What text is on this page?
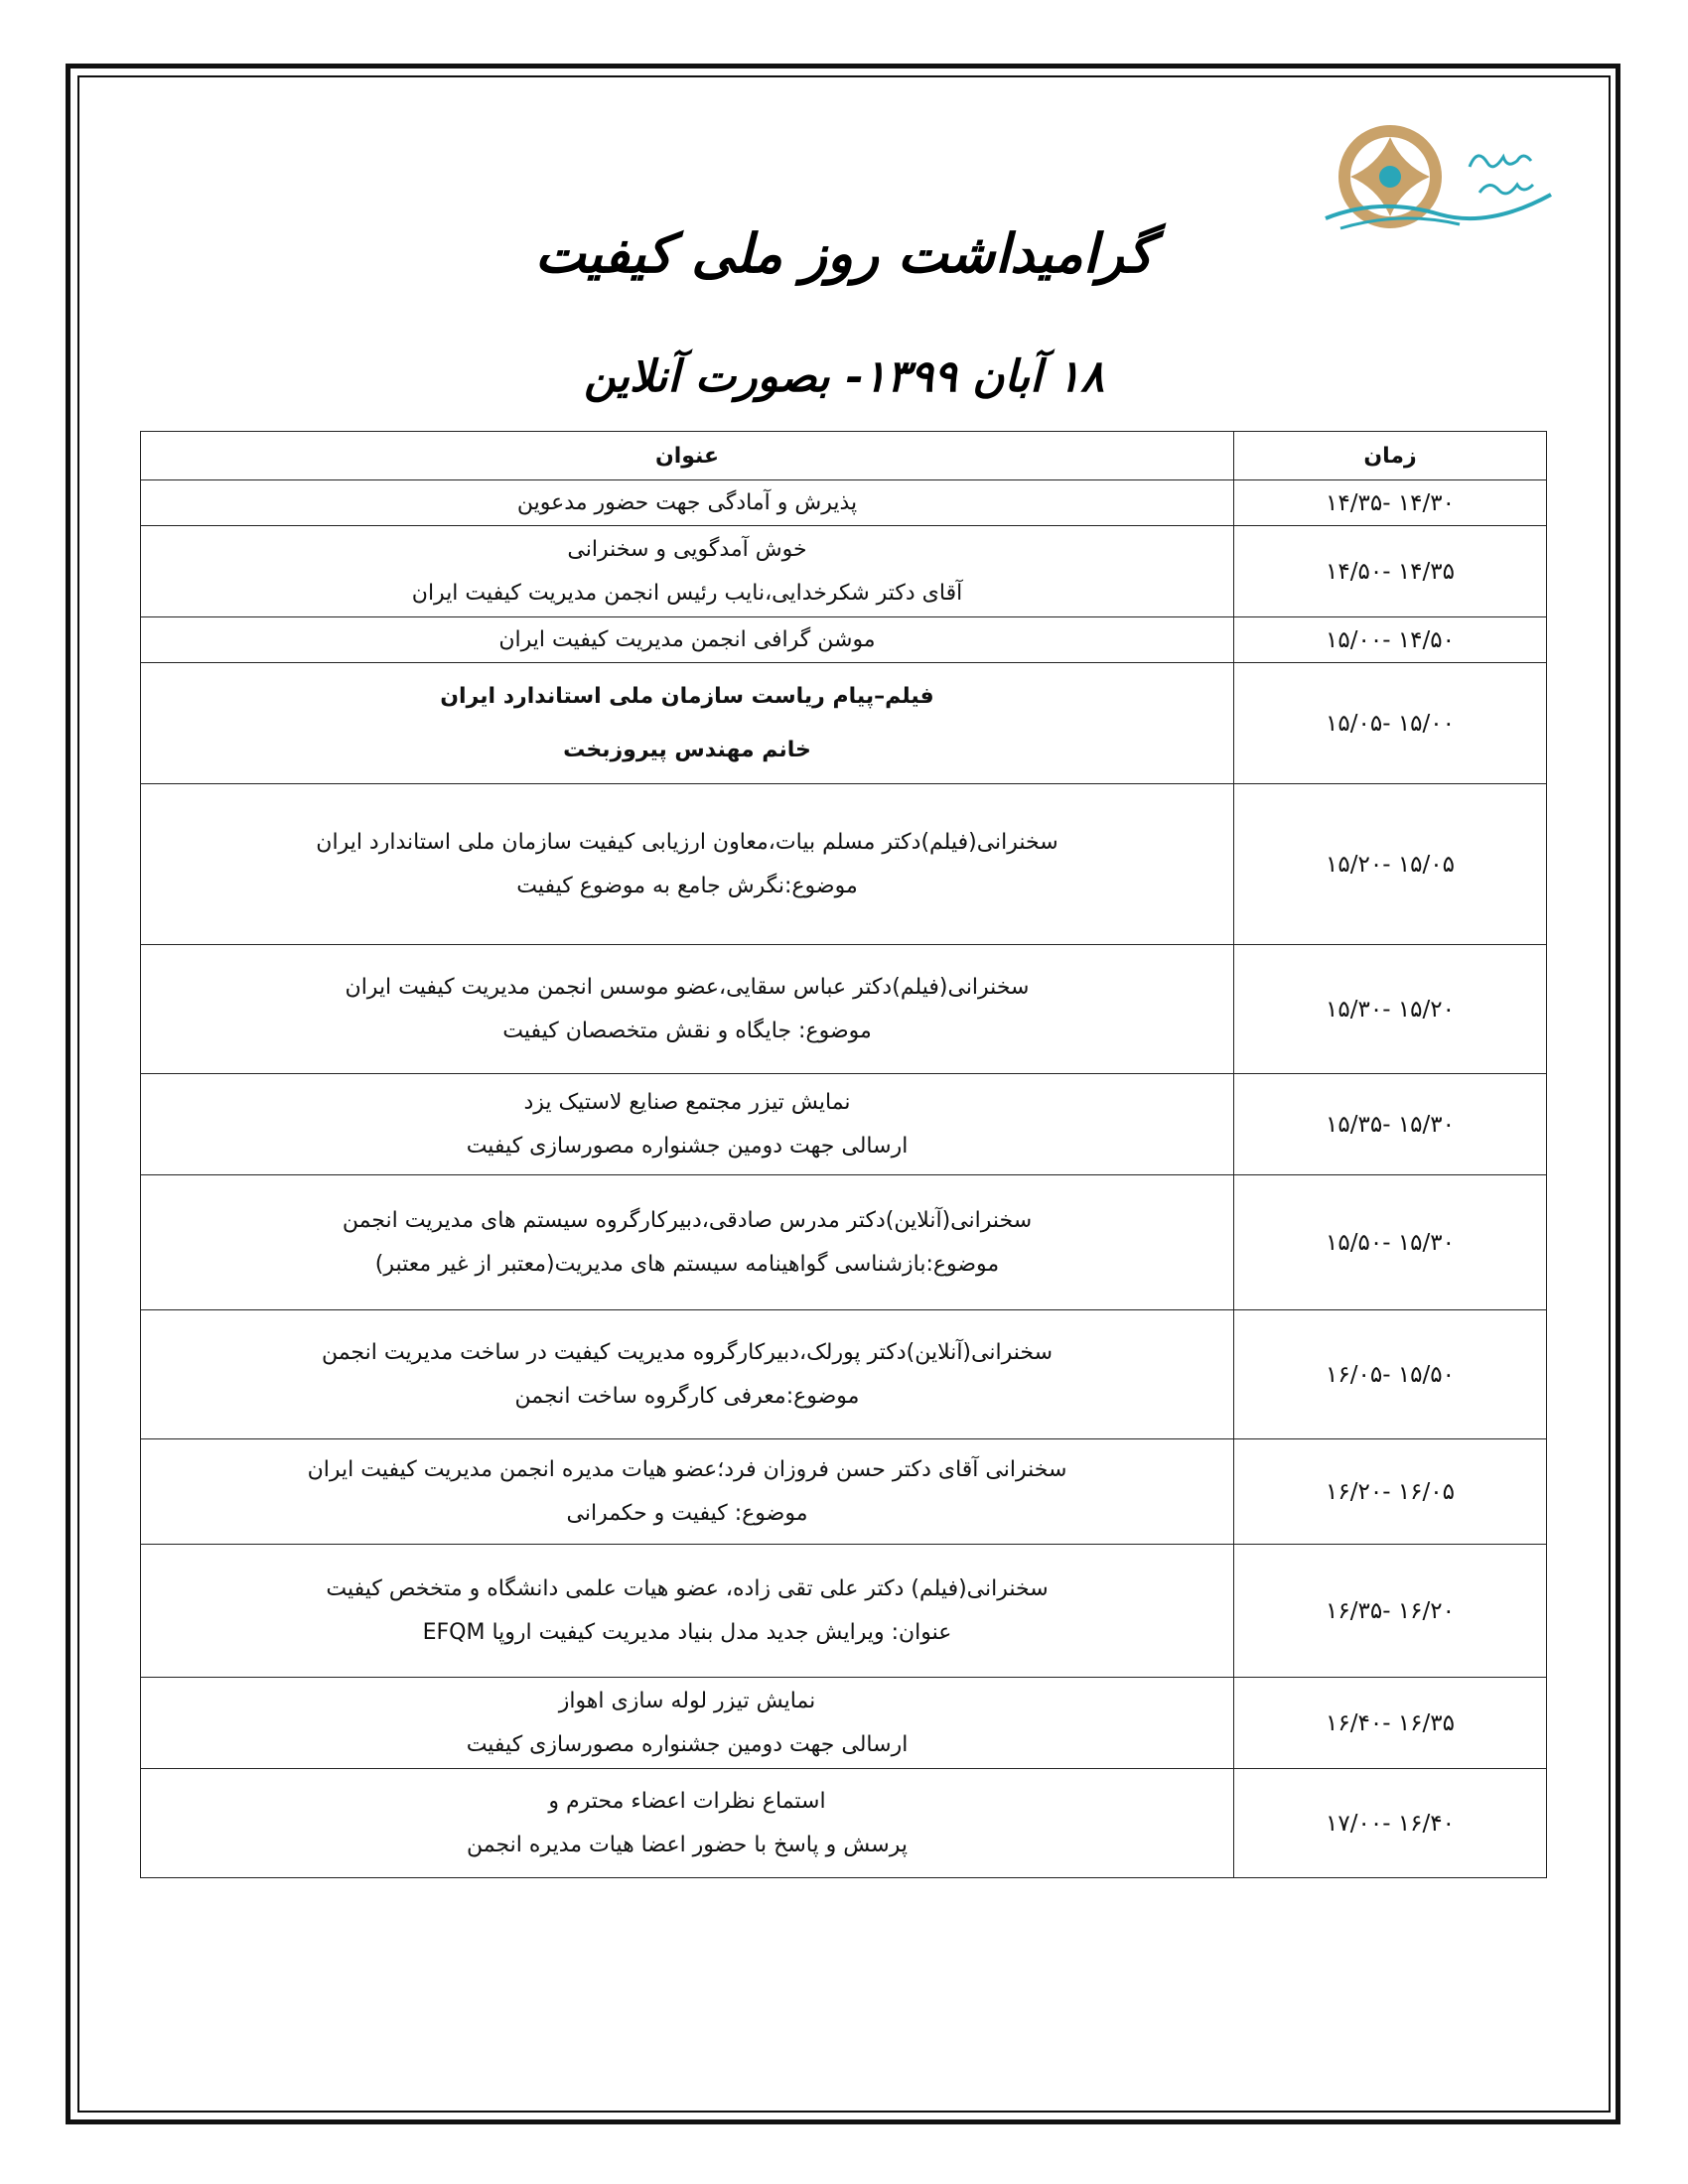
گرامیداشت روز ملی کیفیت
۱۸ آبان ۱۳۹۹- بصورت آنلاین
زمان	عنوان
۱۴/۳۰ -۱۴/۳۵	پذیرش و آمادگی جهت حضور مدعوین

۱۴/۳۵ -۱۴/۵۰	خوش آمدگویی و سخنرانی
آقای دکتر شکرخدایی،نایب رئیس انجمن مدیریت کیفیت ایران

۱۴/۵۰ -۱۵/۰۰	موشن گرافی انجمن مدیریت کیفیت ایران

۱۵/۰۰ -۱۵/۰۵	فیلم–پیام ریاست سازمان ملی استاندارد ایران
خانم مهندس پیروزبخت

۱۵/۰۵ -۱۵/۲۰	سخنرانی(فیلم)دکتر مسلم بیات،معاون ارزیابی کیفیت سازمان ملی استاندارد ایران
موضوع:نگرش جامع به موضوع کیفیت

۱۵/۲۰ -۱۵/۳۰	سخنرانی(فیلم)دکتر عباس سقایی،عضو موسس انجمن مدیریت کیفیت ایران
موضوع: جایگاه و نقش متخصصان کیفیت

۱۵/۳۰ -۱۵/۳۵	نمایش تیزر مجتمع صنایع لاستیک یزد
ارسالی جهت دومین جشنواره مصورسازی کیفیت

۱۵/۳۰ -۱۵/۵۰	سخنرانی(آنلاین)دکتر مدرس صادقی،دبیرکارگروه سیستم های مدیریت انجمن
موضوع:بازشناسی گواهینامه سیستم های مدیریت(معتبر از غیر معتبر)

۱۵/۵۰ -۱۶/۰۵	سخنرانی(آنلاین)دکتر پورلک،دبیرکارگروه مدیریت کیفیت در ساخت مدیریت انجمن
موضوع:معرفی کارگروه ساخت انجمن

۱۶/۰۵ -۱۶/۲۰	سخنرانی آقای دکتر حسن فروزان فرد؛عضو هیات مدیره انجمن مدیریت کیفیت ایران
موضوع: کیفیت و حکمرانی

۱۶/۲۰ -۱۶/۳۵	سخنرانی(فیلم) دکتر علی تقی زاده، عضو هیات علمی دانشگاه و متخخص کیفیت
عنوان: ویرایش جدید مدل بنیاد مدیریت کیفیت اروپا EFQM

۱۶/۳۵ -۱۶/۴۰	نمایش تیزر لوله سازی اهواز
ارسالی جهت دومین جشنواره مصورسازی کیفیت

۱۶/۴۰ -۱۷/۰۰	استماع نظرات اعضاء محترم و
پرسش و پاسخ با حضور اعضا هیات مدیره انجمن
